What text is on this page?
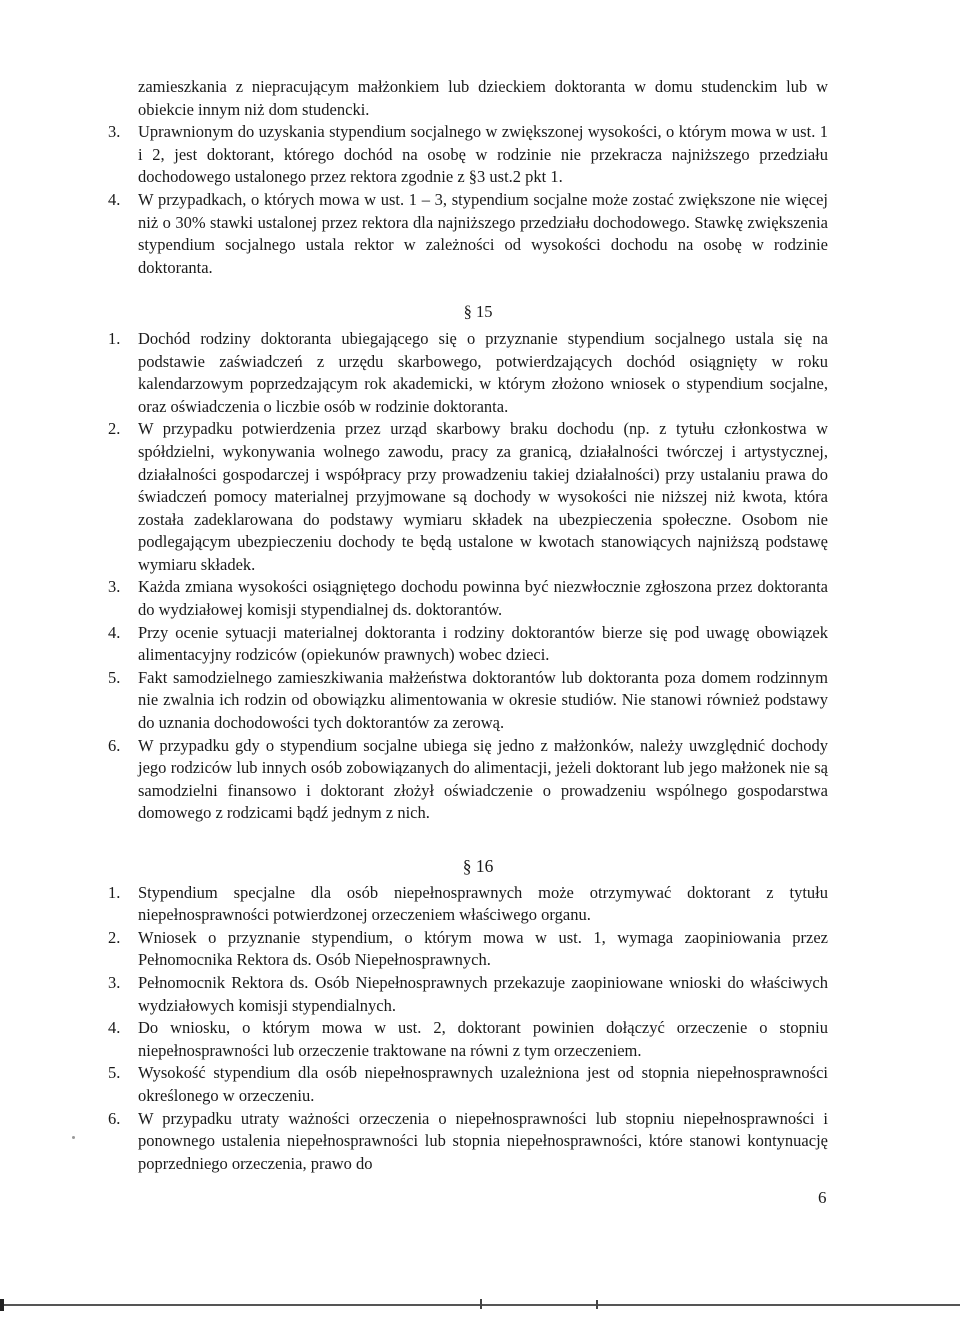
zamieszkania z niepracującym małżonkiem lub dzieckiem doktoranta w domu studenckim lub w obiekcie innym niż dom studencki.
3.	Uprawnionym do uzyskania stypendium socjalnego w zwiększonej wysokości, o którym mowa w ust. 1 i 2, jest doktorant, którego dochód na osobę w rodzinie nie przekracza najniższego przedziału dochodowego ustalonego przez rektora zgodnie z §3 ust.2 pkt 1.
4.	W przypadkach, o których mowa w ust. 1 – 3, stypendium socjalne może zostać zwiększone nie więcej niż o 30% stawki ustalonej przez rektora dla najniższego przedziału dochodowego. Stawkę zwiększenia stypendium socjalnego ustala rektor w zależności od wysokości dochodu na osobę w rodzinie doktoranta.
§ 15
1.	Dochód rodziny doktoranta ubiegającego się o przyznanie stypendium socjalnego ustala się na podstawie zaświadczeń z urzędu skarbowego, potwierdzających dochód osiągnięty w roku kalendarzowym poprzedzającym rok akademicki, w którym złożono wniosek o stypendium socjalne, oraz oświadczenia o liczbie osób w rodzinie doktoranta.
2.	W przypadku potwierdzenia przez urząd skarbowy braku dochodu (np. z tytułu członkostwa w spółdzielni, wykonywania wolnego zawodu, pracy za granicą, działalności twórczej i artystycznej, działalności gospodarczej i współpracy przy prowadzeniu takiej działalności) przy ustalaniu prawa do świadczeń pomocy materialnej przyjmowane są dochody w wysokości nie niższej niż kwota, która została zadeklarowana do podstawy wymiaru składek na ubezpieczenia społeczne. Osobom nie podlegającym ubezpieczeniu dochody te będą ustalone w kwotach stanowiących najniższą podstawę wymiaru składek.
3.	Każda zmiana wysokości osiągniętego dochodu powinna być niezwłocznie zgłoszona przez doktoranta do wydziałowej komisji stypendialnej ds. doktorantów.
4.	Przy ocenie sytuacji materialnej doktoranta i rodziny doktorantów bierze się pod uwagę obowiązek alimentacyjny rodziców (opiekunów prawnych) wobec dzieci.
5.	Fakt samodzielnego zamieszkiwania małżeństwa doktorantów lub doktoranta poza domem rodzinnym nie zwalnia ich rodzin od obowiązku alimentowania w okresie studiów. Nie stanowi również podstawy do uznania dochodowości tych doktorantów za zerową.
6.	W przypadku gdy o stypendium socjalne ubiega się jedno z małżonków, należy uwzględnić dochody jego rodziców lub innych osób zobowiązanych do alimentacji, jeżeli doktorant lub jego małżonek nie są samodzielni finansowo i doktorant złożył oświadczenie o prowadzeniu wspólnego gospodarstwa domowego z rodzicami bądź jednym z nich.
§ 16
1.	Stypendium specjalne dla osób niepełnosprawnych może otrzymywać doktorant z tytułu niepełnosprawności potwierdzonej orzeczeniem właściwego organu.
2.	Wniosek o przyznanie stypendium, o którym mowa w ust. 1, wymaga zaopiniowania przez Pełnomocnika Rektora ds. Osób Niepełnosprawnych.
3.	Pełnomocnik Rektora ds. Osób Niepełnosprawnych przekazuje zaopiniowane wnioski do właściwych wydziałowych komisji stypendialnych.
4.	Do wniosku, o którym mowa w ust. 2, doktorant powinien dołączyć orzeczenie o stopniu niepełnosprawności lub orzeczenie traktowane na równi z tym orzeczeniem.
5.	Wysokość stypendium dla osób niepełnosprawnych uzależniona jest od stopnia niepełnosprawności określonego w orzeczeniu.
6.	W przypadku utraty ważności orzeczenia o niepełnosprawności lub stopniu niepełnosprawności i ponownego ustalenia niepełnosprawności lub stopnia niepełnosprawności, które stanowi kontynuację poprzedniego orzeczenia, prawo do
6
